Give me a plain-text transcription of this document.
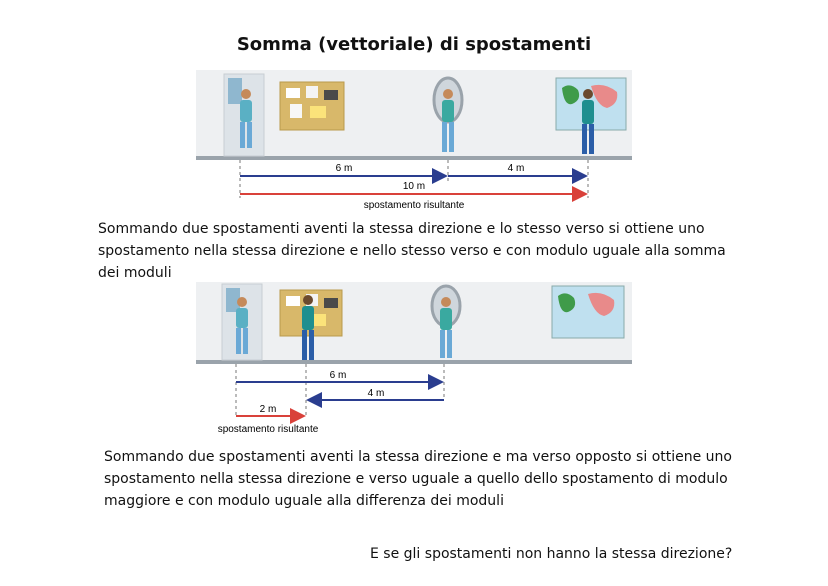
Somma (vettoriale) di spostamenti
6 m	4 m
10 m
spostamento risultante
Sommando due spostamenti aventi la stessa direzione e lo stesso verso si ottiene uno
spostamento nella stessa direzione e nello stesso verso e con modulo uguale alla somma
dei moduli
6 m
4 m
2 m
spostamento risultante
Sommando due spostamenti aventi la stessa direzione e ma verso opposto si ottiene uno
spostamento nella stessa direzione e verso uguale a quello dello spostamento di modulo
maggiore e con modulo uguale alla differenza dei moduli
E se gli spostamenti non hanno la stessa direzione?
